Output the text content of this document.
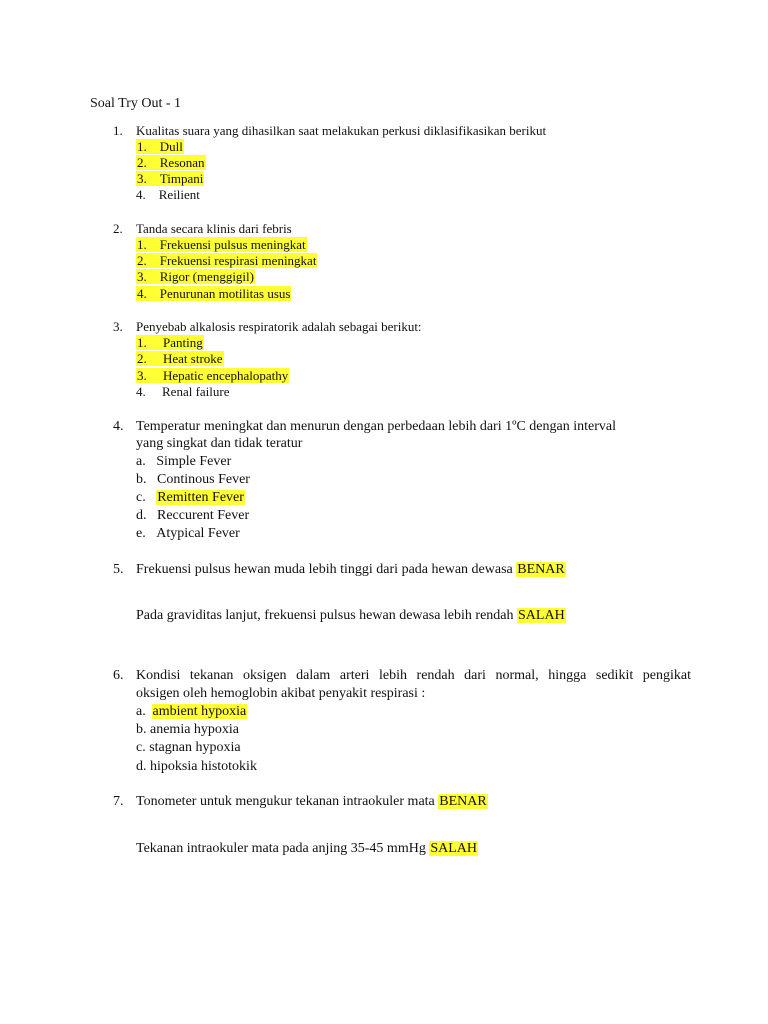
Soal Try Out - 1
1. Kualitas suara yang dihasilkan saat melakukan perkusi diklasifikasikan berikut
1. Dull
2. Resonan
3. Timpani
4. Reilient
2. Tanda secara klinis dari febris
1. Frekuensi pulsus meningkat
2. Frekuensi respirasi meningkat
3. Rigor (menggigil)
4. Penurunan motilitas usus
3. Penyebab alkalosis respiratorik adalah sebagai berikut:
1. Panting
2. Heat stroke
3. Hepatic encephalopathy
4. Renal failure
4. Temperatur meningkat dan menurun dengan perbedaan lebih dari 1ºC dengan interval
yang singkat dan tidak teratur
a. Simple Fever
b. Continous Fever
c. Remitten Fever
d. Reccurent Fever
e. Atypical Fever
5. Frekuensi pulsus hewan muda lebih tinggi dari pada hewan dewasa BENAR
Pada graviditas lanjut, frekuensi pulsus hewan dewasa lebih rendah SALAH
6. Kondisi tekanan oksigen dalam arteri lebih rendah dari normal, hingga sedikit pengikat
oksigen oleh hemoglobin akibat penyakit respirasi :
a. ambient hypoxia
b. anemia hypoxia
c. stagnan hypoxia
d. hipoksia histotokik
7. Tonometer untuk mengukur tekanan intraokuler mata BENAR
Tekanan intraokuler mata pada anjing 35-45 mmHg SALAH
